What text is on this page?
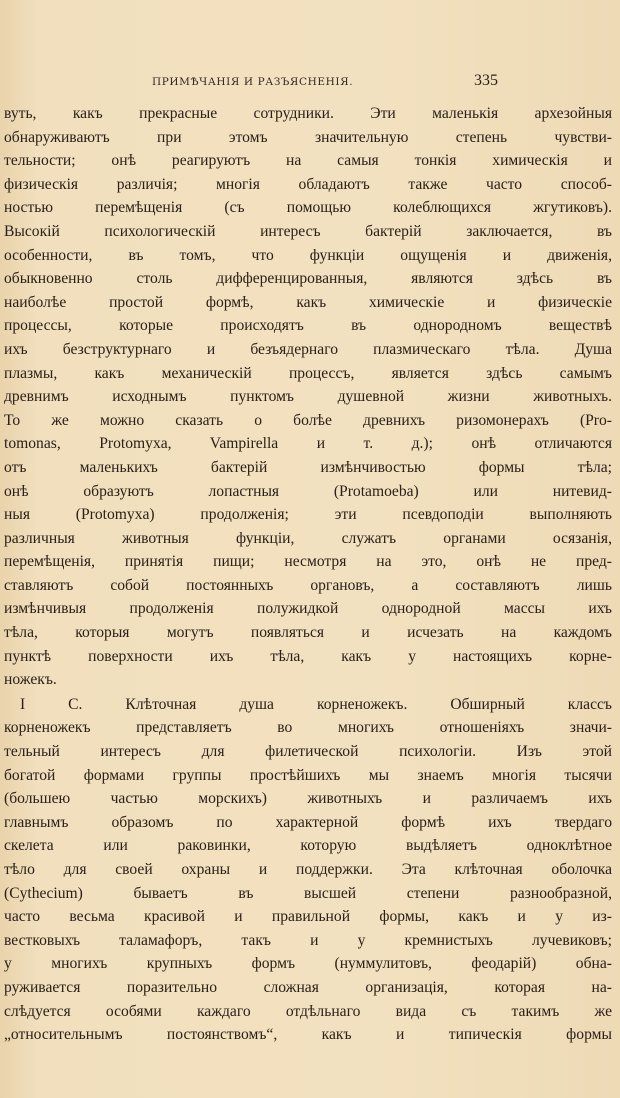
ПРИМѢЧАНІЯ И РАЗЪЯСНЕНІЯ.	335
вуть, какъ прекрасные сотрудники. Эти маленькія архезойныя
обнаруживаютъ при этомъ значительную степень чувстви-
тельности; онѣ реагируютъ на самыя тонкія химическія и
физическія различія; многія обладаютъ также часто способ-
ностью перемѣщенія (съ помощью колеблющихся жгутиковъ).
Высокій психологическій интересъ бактерій заключается, въ
особенности, въ томъ, что функціи ощущенія и движенія,
обыкновенно столь дифференцированныя, являются здѣсь въ
наиболѣе простой формѣ, какъ химическіе и физическіе
процессы, которые происходятъ въ однородномъ веществѣ
ихъ безструктурнаго и безъядернаго плазмическаго тѣла. Душа
плазмы, какъ механическій процессъ, является здѣсь самымъ
древнимъ исходнымъ пунктомъ душевной жизни животныхъ.
То же можно сказать о болѣе древнихъ ризомонерахъ (Pro-
tomonas, Protomyxa, Vampirella и т. д.); онѣ отличаются
отъ маленькихъ бактерій измѣнчивостью формы тѣла;
онѣ образуютъ лопастныя (Protamoeba) или нитевид-
ныя (Protomyxa) продолженія; эти псевдоподіи выполняють
различныя животныя функціи, служатъ органами осязанія,
перемѣщенія, принятія пищи; несмотря на это, онѣ не пред-
ставляютъ собой постоянныхъ органовъ, а составляютъ лишь
измѣнчивыя продолженія полужидкой однородной массы ихъ
тѣла, которыя могутъ появляться и исчезать на каждомъ
пунктѣ поверхности ихъ тѣла, какъ у настоящихъ корне-
ножекъ.
I C. Клѣточная душа корненожекъ. Обширный классъ
корненожекъ представляетъ во многихъ отношеніяхъ значи-
тельный интересъ для филетической психологіи. Изъ этой
богатой формами группы простѣйшихъ мы знаемъ многія тысячи
(большею частью морскихъ) животныхъ и различаемъ ихъ
главнымъ образомъ по характерной формѣ ихъ твердаго
скелета или раковинки, которую выдѣляетъ одноклѣтное
тѣло для своей охраны и поддержки. Эта клѣточная оболочка
(Cythecium) бываетъ въ высшей степени разнообразной,
часто весьма красивой и правильной формы, какъ и у из-
вестковыхъ таламафоръ, такъ и у кремнистыхъ лучевиковъ;
у многихъ крупныхъ формъ (нуммулитовъ, феодарій) обна-
руживается поразительно сложная организація, которая на-
слѣдуется особями каждаго отдѣльнаго вида съ такимъ же
„относительнымъ постоянствомъ“, какъ и типическія формы
